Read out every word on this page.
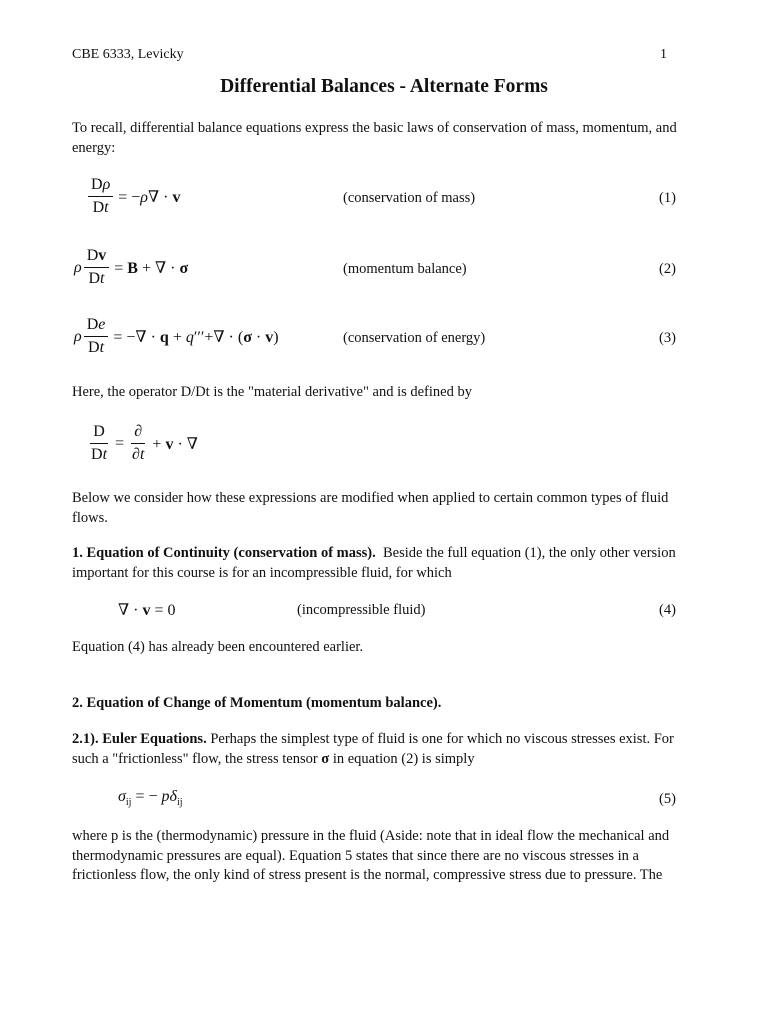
CBE 6333, Levicky	1
Differential Balances - Alternate Forms
To recall, differential balance equations express the basic laws of conservation of mass, momentum, and energy:
$\frac{D\rho}{Dt} = -\rho\nabla \cdot v$	(conservation of mass)	(1)
ρ $\frac{Dv}{Dt} = B$ + ∇ · σ	(momentum balance)	(2)
ρ $\frac{De}{Dt}$ = −∇ · q + q′′′+∇ · (σ · v)	(conservation of energy)	(3)
Here, the operator D/Dt is the "material derivative" and is defined by
$\frac{D}{Dt} = \frac{\partial}{\partial t} + v$ · ∇
Below we consider how these expressions are modified when applied to certain common types of fluid flows.
1. Equation of Continuity (conservation of mass). Beside the full equation (1), the only other version important for this course is for an incompressible fluid, for which
∇ · v = 0	(incompressible fluid)	(4)
Equation (4) has already been encountered earlier.
2. Equation of Change of Momentum (momentum balance).
2.1). Euler Equations. Perhaps the simplest type of fluid is one for which no viscous stresses exist. For such a "frictionless" flow, the stress tensor σ in equation (2) is simply
$\sigma_{ij}$ = − $p\delta_{ij}$	(5)
where p is the (thermodynamic) pressure in the fluid (Aside: note that in ideal flow the mechanical and thermodynamic pressures are equal). Equation 5 states that since there are no viscous stresses in a frictionless flow, the only kind of stress present is the normal, compressive stress due to pressure. The
